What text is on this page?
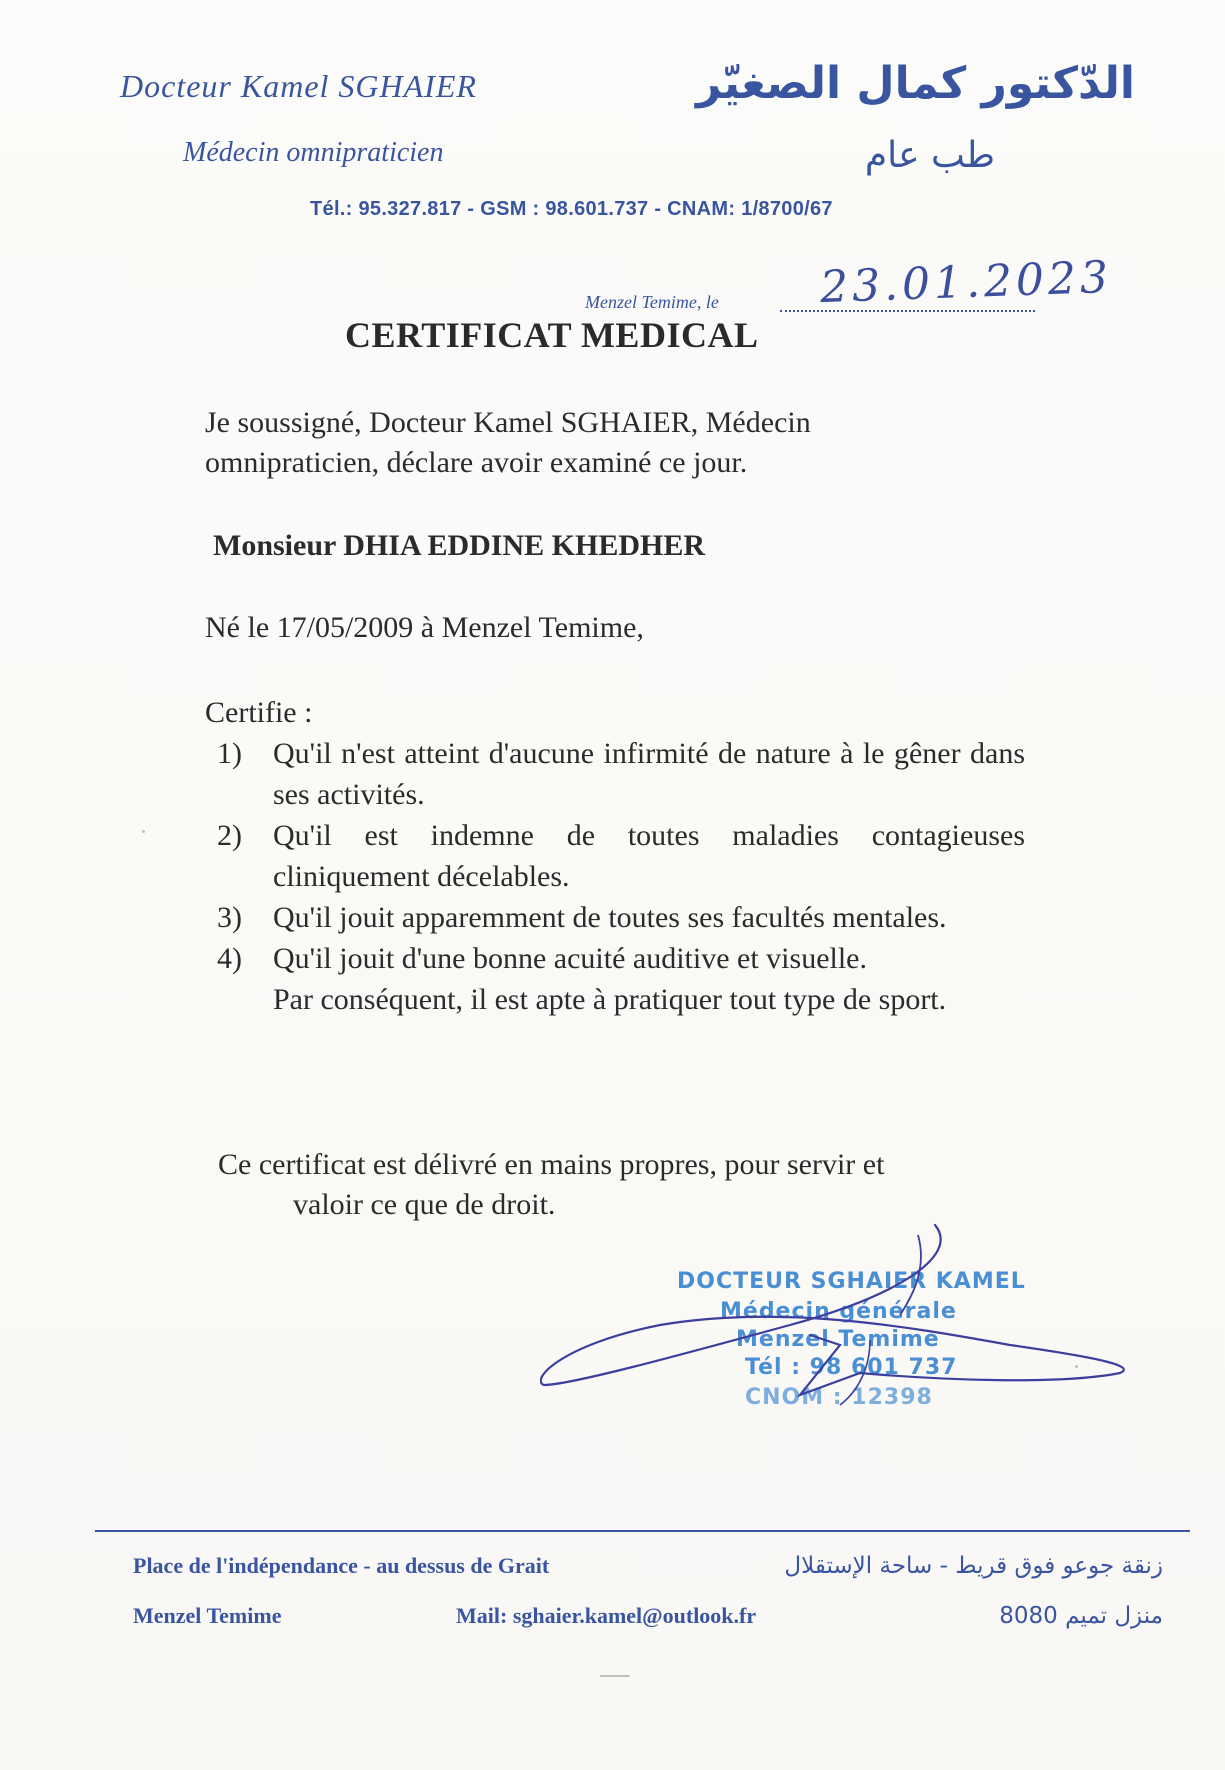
Docteur Kamel SGHAIER
Médecin omnipraticien
الدّكتور كمال الصغيّر
طب عام
Tél.: 95.327.817 - GSM : 98.601.737 - CNAM: 1/8700/67
Menzel Temime, le 23.01.2023
CERTIFICAT MEDICAL
Je soussigné, Docteur Kamel SGHAIER, Médecin omnipraticien, déclare avoir examiné ce jour.
Monsieur DHIA EDDINE KHEDHER
Né le 17/05/2009 à Menzel Temime,
Certifie :
1) Qu'il n'est atteint d'aucune infirmité de nature à le gêner dans ses activités.
2) Qu'il est indemne de toutes maladies contagieuses cliniquement décelables.
3) Qu'il jouit apparemment de toutes ses facultés mentales.
4) Qu'il jouit d'une bonne acuité auditive et visuelle.
Par conséquent, il est apte à pratiquer tout type de sport.
Ce certificat est délivré en mains propres, pour servir et
valoir ce que de droit.
DOCTEUR SGHAIER KAMEL
Médecin générale
Menzel Temime
Tél : 98 601 737
CNOM : 12398
Place de l'indépendance - au dessus de Grait
Menzel Temime	Mail: sghaier.kamel@outlook.fr
زنقة جوعو فوق قريط - ساحة الإستقلال
منزل تميم 8080
